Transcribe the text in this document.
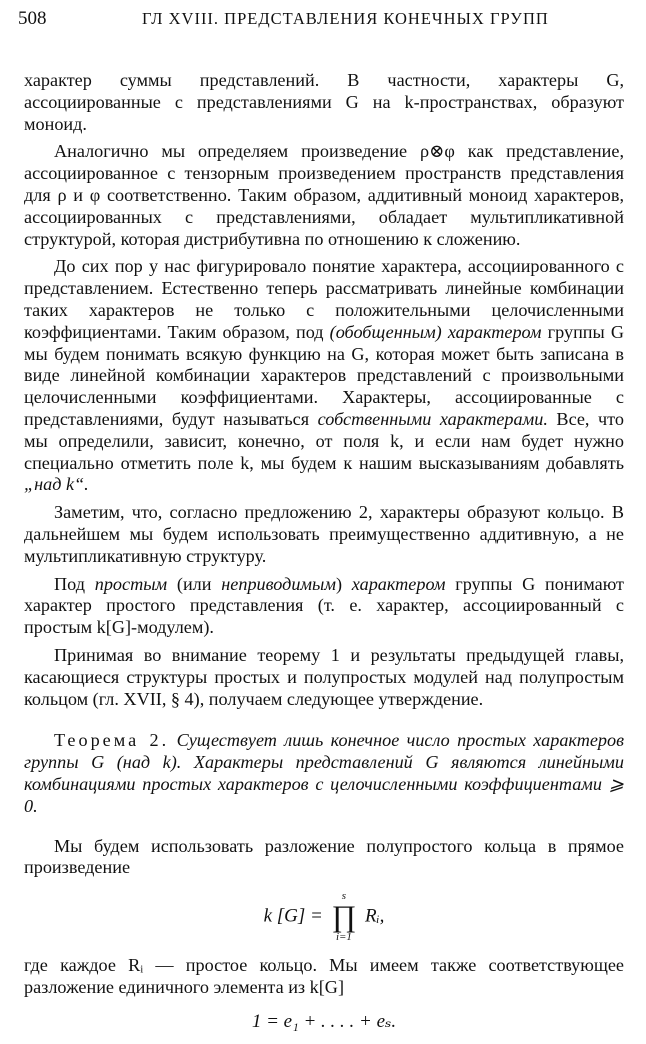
508	ГЛ XVIII. ПРЕДСТАВЛЕНИЯ КОНЕЧНЫХ ГРУПП

характер суммы представлений. В частности, характеры G, ассоциированные с представлениями G на k-пространствах, образуют моноид.

Аналогично мы определяем произведение ρ⊗φ как представление, ассоциированное с тензорным произведением пространств представления для ρ и φ соответственно. Таким образом, аддитивный моноид характеров, ассоциированных с представлениями, обладает мультипликативной структурой, которая дистрибутивна по отношению к сложению.

До сих пор у нас фигурировало понятие характера, ассоциированного с представлением. Естественно теперь рассматривать линейные комбинации таких характеров не только с положительными целочисленными коэффициентами. Таким образом, под (обобщенным) характером группы G мы будем понимать всякую функцию на G, которая может быть записана в виде линейной комбинации характеров представлений с произвольными целочисленными коэффициентами. Характеры, ассоциированные с представлениями, будут называться собственными характерами. Все, что мы определили, зависит, конечно, от поля k, и если нам будет нужно специально отметить поле k, мы будем к нашим высказываниям добавлять „над k“.

Заметим, что, согласно предложению 2, характеры образуют кольцо. В дальнейшем мы будем использовать преимущественно аддитивную, а не мультипликативную структуру.

Под простым (или неприводимым) характером группы G понимают характер простого представления (т. е. характер, ассоциированный с простым k[G]-модулем).

Принимая во внимание теорему 1 и результаты предыдущей главы, касающиеся структуры простых и полупростых модулей над полупростым кольцом (гл. XVII, § 4), получаем следующее утверждение.

Теорема 2. Существует лишь конечное число простых характеров группы G (над k). Характеры представлений G являются линейными комбинациями простых характеров с целочисленными коэффициентами ⩾ 0.

Мы будем использовать разложение полупростого кольца в прямое произведение

k [G] =
s
∏
i=1
Rᵢ,

где каждое Rᵢ — простое кольцо. Мы имеем также соответствующее разложение единичного элемента из k[G]

1 = e₁ + . . . . + eₛ.
